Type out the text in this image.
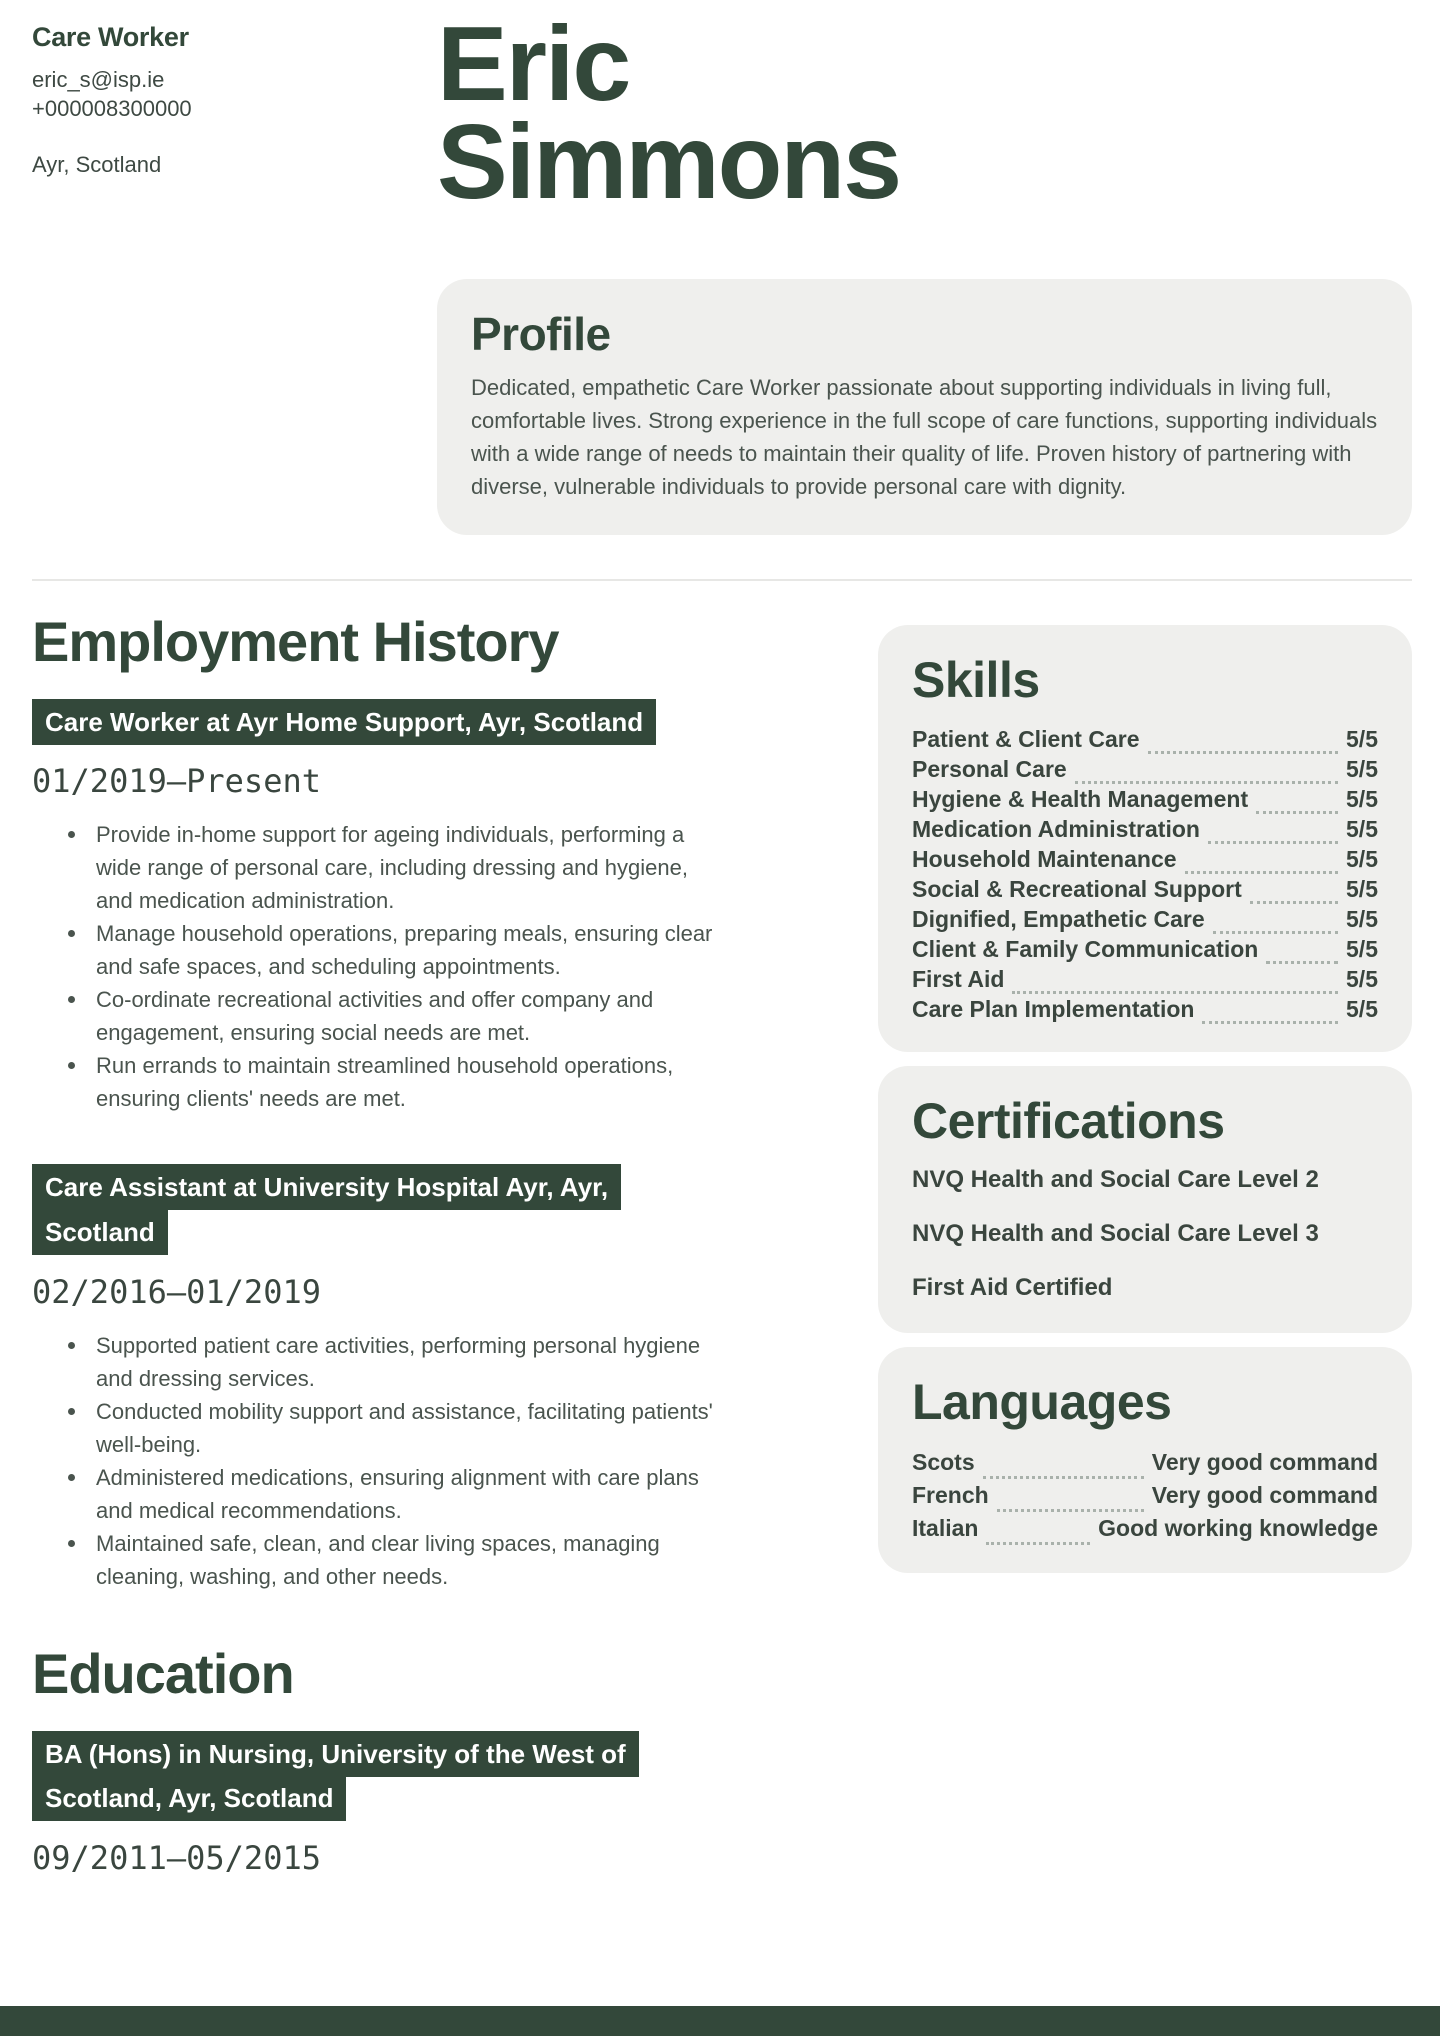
Care Worker

eric_s@isp.ie

+000008300000

Ayr, Scotland

Eric
Simmons
Profile

Dedicated, empathetic Care Worker passionate about supporting individuals in living full, comfortable lives. Strong experience in the full scope of care functions, supporting individuals with a wide range of needs to maintain their quality of life. Proven history of partnering with diverse, vulnerable individuals to provide personal care with dignity.

Employment History

Care Worker at Ayr Home Support, Ayr, Scotland

01/2019—Present

Provide in-home support for ageing individuals, performing a wide range of personal care, including dressing and hygiene, and medication administration.
Manage household operations, preparing meals, ensuring clear and safe spaces, and scheduling appointments.
Co-ordinate recreational activities and offer company and engagement, ensuring social needs are met.
Run errands to maintain streamlined household operations, ensuring clients' needs are met.

Care Assistant at University Hospital Ayr, Ayr, Scotland

02/2016—01/2019

Supported patient care activities, performing personal hygiene and dressing services.
Conducted mobility support and assistance, facilitating patients' well-being.
Administered medications, ensuring alignment with care plans and medical recommendations.
Maintained safe, clean, and clear living spaces, managing cleaning, washing, and other needs.
Education

BA (Hons) in Nursing, University of the West of Scotland, Ayr, Scotland

09/2011—05/2015

Skills
Patient & Client Care	5/5
Personal Care	5/5
Hygiene & Health Management	5/5
Medication Administration	5/5
Household Maintenance	5/5
Social & Recreational Support	5/5
Dignified, Empathetic Care	5/5
Client & Family Communication	5/5
First Aid	5/5
Care Plan Implementation	5/5
Certifications

NVQ Health and Social Care Level 2

NVQ Health and Social Care Level 3

First Aid Certified

Languages
Scots	Very good command
French	Very good command
Italian	Good working knowledge
